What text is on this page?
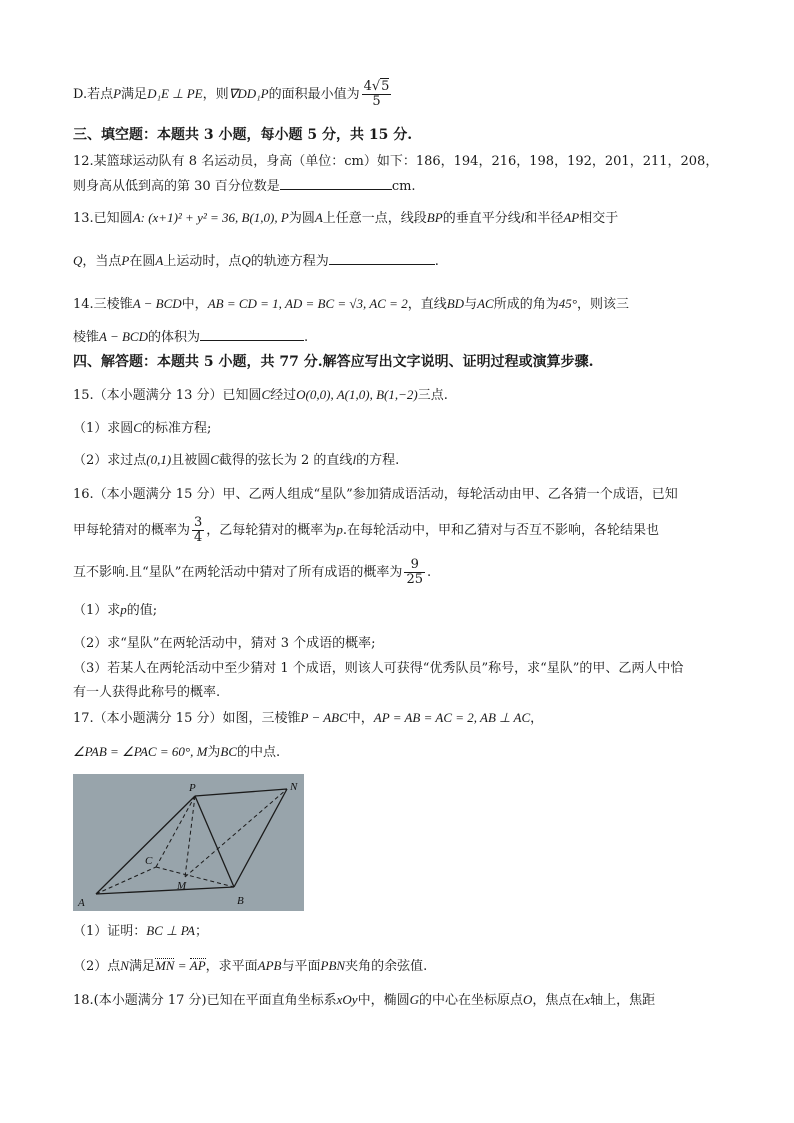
D.若点P满足D₁E ⊥ PE，则∇DD₁P的面积最小值为 $\frac{4√5}{5}$
三、填空题：本题共 3 小题，每小题 5 分，共 15 分.
12.某篮球运动队有 8 名运动员，身高（单位：cm）如下：186，194，216，198，192，201，211，208，
则身高从低到高的第 30 百分位数是	cm.
13.已知圆A: (x+1)² + y² = 36, B(1,0), P为圆A上任意一点，线段BP的垂直平分线l和半径AP相交于
Q，当点P在圆A上运动时，点Q的轨迹方程为	.
14.三棱锥A − BCD中，AB = CD = 1, AD = BC = √3, AC = 2，直线BD与AC所成的角为45°，则该三
棱锥A − BCD的体积为	.
四、解答题：本题共 5 小题，共 77 分.解答应写出文字说明、证明过程或演算步骤.
15.（本小题满分 13 分）已知圆C经过O(0,0), A(1,0), B(1,−2)三点.
（1）求圆C的标准方程;
（2）求过点(0,1)且被圆C截得的弦长为 2 的直线l的方程.
16.（本小题满分 15 分）甲、乙两人组成“星队”参加猜成语活动，每轮活动由甲、乙各猜一个成语，已知
甲每轮猜对的概率为 $\frac{3}{4}$ ，乙每轮猜对的概率为p.在每轮活动中，甲和乙猜对与否互不影响，各轮结果也
互不影响.且“星队”在两轮活动中猜对了所有成语的概率为 $\frac{9}{25}$ .
（1）求p的值;
（2）求“星队”在两轮活动中，猜对 3 个成语的概率;
（3）若某人在两轮活动中至少猜对 1 个成语，则该人可获得“优秀队员”称号，求“星队”的甲、乙两人中恰
有一人获得此称号的概率.
17.（本小题满分 15 分）如图，三棱锥P − ABC中，AP = AB = AC = 2, AB ⊥ AC，
∠PAB = ∠PAC = 60°, M为BC的中点.
P	N
C
M
A	B
（1）证明：BC ⊥ PA；
（2）点N满足MN = AP，求平面APB与平面PBN夹角的余弦值.
18.(本小题满分 17 分)已知在平面直角坐标系xOy中，椭圆G的中心在坐标原点O，焦点在x轴上，焦距
